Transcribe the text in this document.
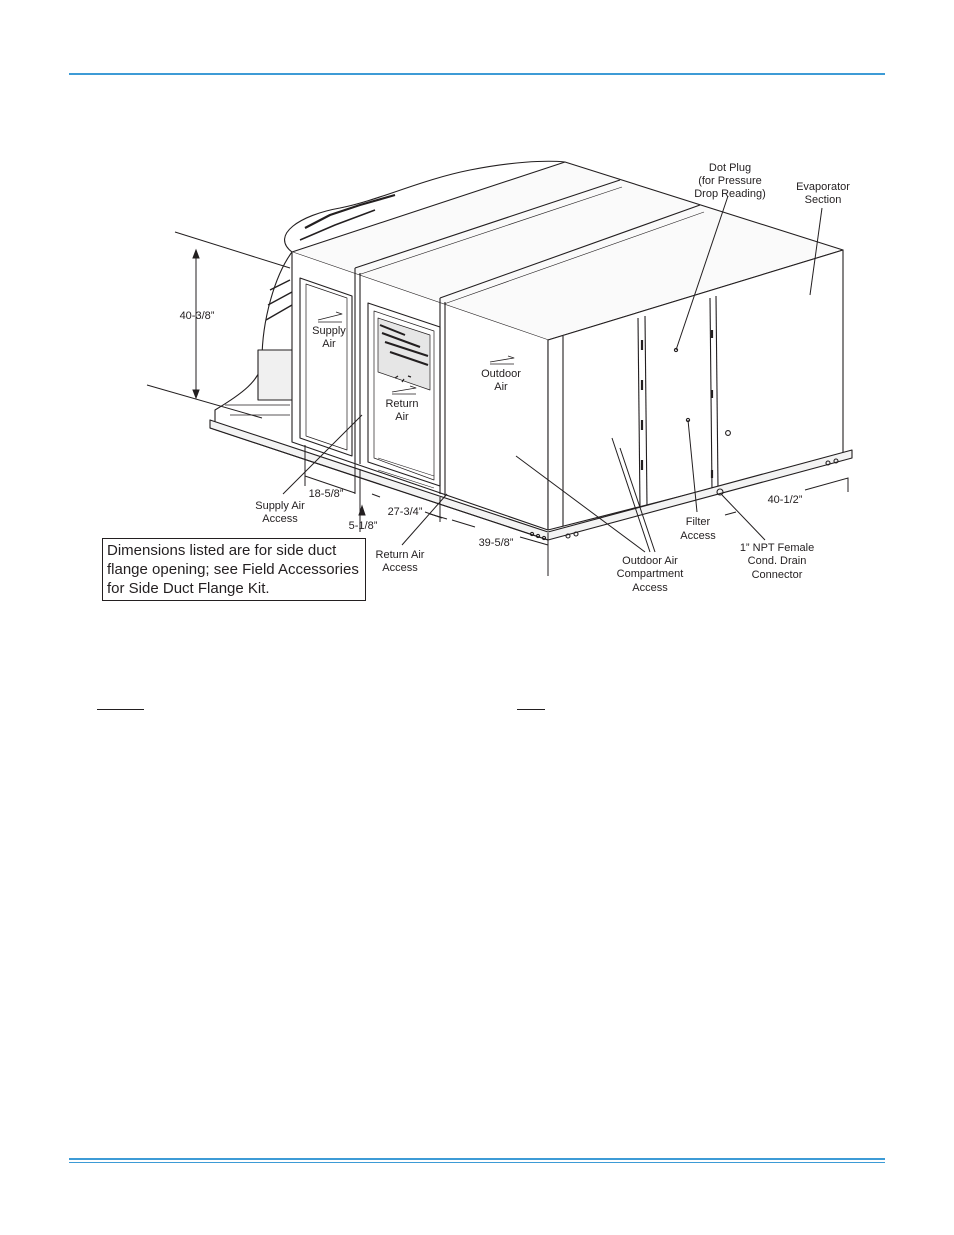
Dot Plug
(for Pressure
Drop Reading)
Evaporator
Section
Supply
Air
Return
Air
Outdoor
Air
Supply Air
Access
Return Air
Access
Outdoor Air
Compartment
Access
Filter
Access
1” NPT Female
Cond. Drain
Connector
40-3/8”
18-5/8”
5-1/8”
27-3/4”
39-5/8”
40-1/2”
Dimensions listed are for side duct
flange opening; see Field Accessories
for Side Duct Flange Kit.
